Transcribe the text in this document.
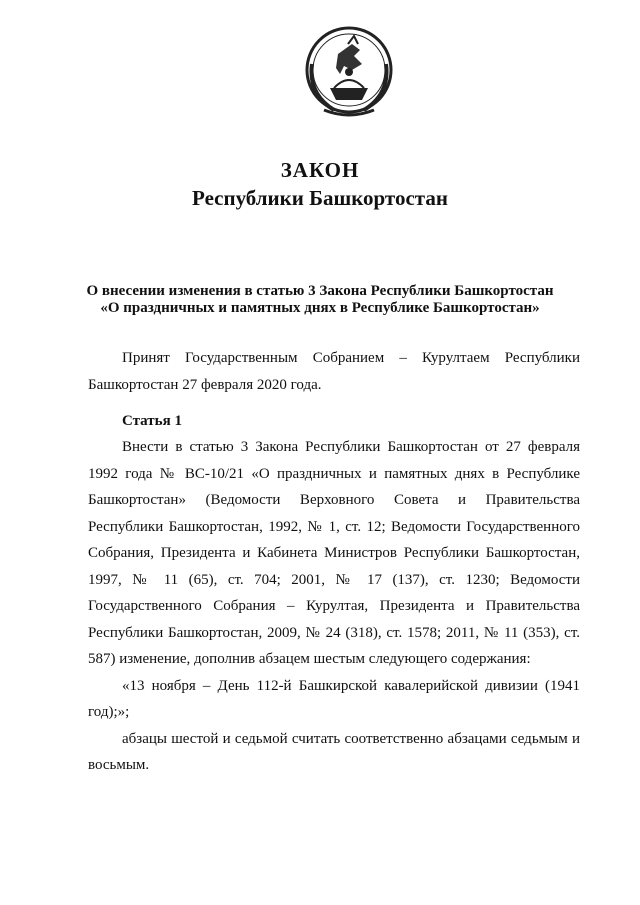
ЗАКОН
Республики Башкортостан
О внесении изменения в статью 3 Закона Республики Башкортостан
«О праздничных и памятных днях в Республике Башкортостан»
Принят Государственным Собранием – Курултаем Республики Башкортостан 27 февраля 2020 года.
Статья 1

Внести в статью 3 Закона Республики Башкортостан от 27 февраля 1992 года № ВС-10/21 «О праздничных и памятных днях в Республике Башкортостан» (Ведомости Верховного Совета и Правительства Республики Башкортостан, 1992, № 1, ст. 12; Ведомости Государственного Собрания, Президента и Кабинета Министров Республики Башкортостан, 1997, № 11 (65), ст. 704; 2001, № 17 (137), ст. 1230; Ведомости Государственного Собрания – Курултая, Президента и Правительства Республики Башкортостан, 2009, № 24 (318), ст. 1578; 2011, № 11 (353), ст. 587) изменение, дополнив абзацем шестым следующего содержания:

«13 ноября – День 112-й Башкирской кавалерийской дивизии (1941 год);»;

абзацы шестой и седьмой считать соответственно абзацами седьмым и восьмым.
